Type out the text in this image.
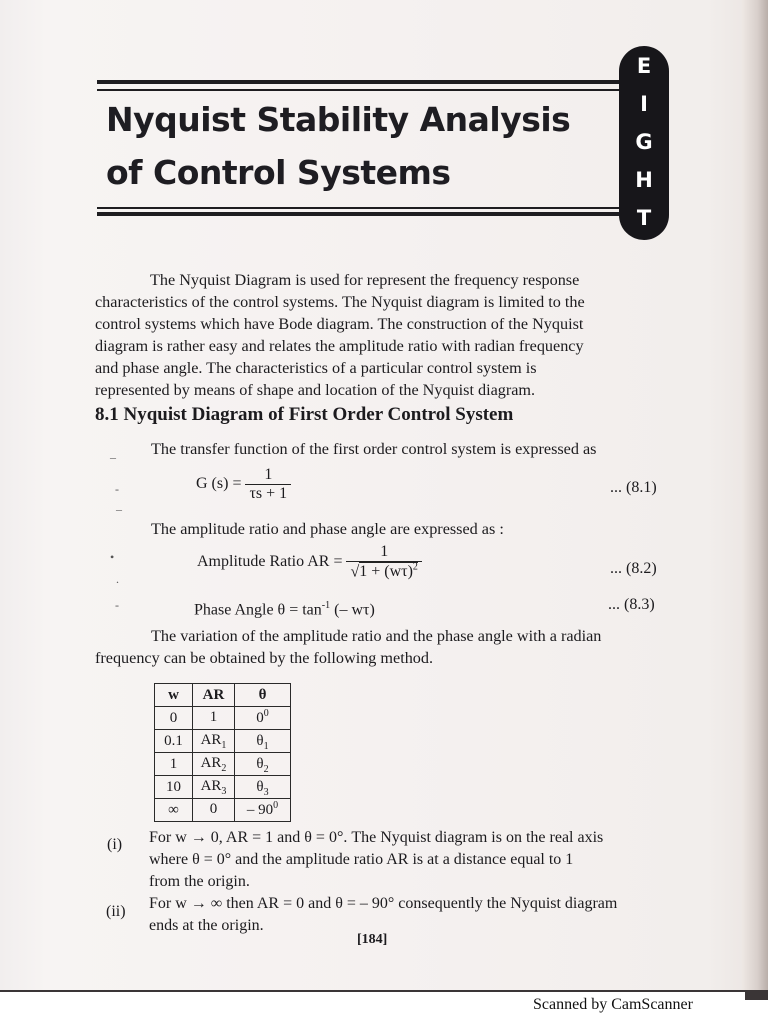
Nyquist Stability Analysis
of Control Systems
E
I
G
H
T
The Nyquist Diagram is used for represent the frequency response
characteristics of the control systems. The Nyquist diagram is limited to the
control systems which have Bode diagram. The construction of the Nyquist
diagram is rather easy and relates the amplitude ratio with radian frequency
and phase angle. The characteristics of a particular control system is
represented by means of shape and location of the Nyquist diagram.
8.1 Nyquist Diagram of First Order Control System
– The transfer function of the first order control system is expressed as
-
–
G $(s) = \frac{1}{\tau s + 1}$	... (8.1)
The amplitude ratio and phase angle are expressed as :
•
.
Amplitude Ratio AR = $\frac{1}{√1 + (w\tau)^2}$	... (8.2)
-	Phase Angle $\theta = \tan^{-1}$ (– wτ)	... (8.3)
The variation of the amplitude ratio and the phase angle with a radian
frequency can be obtained by the following method.
w	AR	θ
0	1	$0^0$
0.1	$AR_1$	$\theta_1$
1	$AR_2$	$\theta_2$
10	$AR_3$	$\theta_3$
∞	0	– $90^0$
(i) For w → 0, AR = 1 and θ = 0°. The Nyquist diagram is on the real axis
where θ = 0° and the amplitude ratio AR is at a distance equal to 1
from the origin.
(ii) For w → ∞ then AR = 0 and θ = – 90° consequently the Nyquist diagram
ends at the origin.
[184]
Scanned by CamScanner
